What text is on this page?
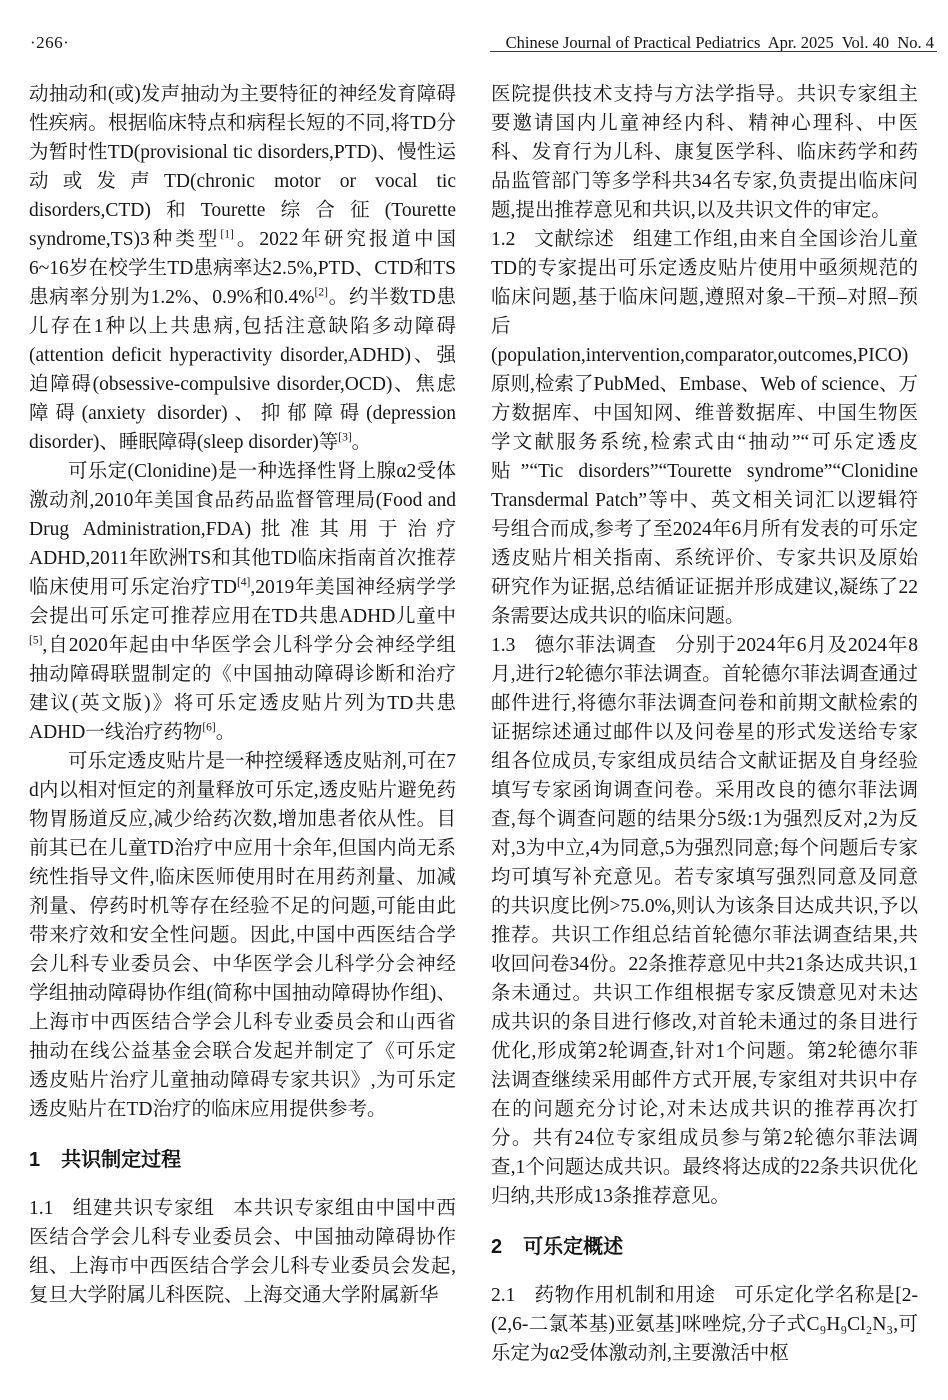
·266·	Chinese Journal of Practical Pediatrics  Apr. 2025  Vol. 40  No. 4

动抽动和(或)发声抽动为主要特征的神经发育障碍性疾病。根据临床特点和病程长短的不同,将TD分为暂时性TD(provisional tic disorders,PTD)、慢性运动或发声TD(chronic motor or vocal tic disorders,CTD)和Tourette综合征(Tourette syndrome,TS)3种类型[1]。2022年研究报道中国6~16岁在校学生TD患病率达2.5%,PTD、CTD和TS患病率分别为1.2%、0.9%和0.4%[2]。约半数TD患儿存在1种以上共患病,包括注意缺陷多动障碍(attention deficit hyperactivity disorder,ADHD)、强迫障碍(obsessive-compulsive disorder,OCD)、焦虑障碍(anxiety disorder)、抑郁障碍(depression disorder)、睡眠障碍(sleep disorder)等[3]。

可乐定(Clonidine)是一种选择性肾上腺α2受体激动剂,2010年美国食品药品监督管理局(Food and Drug Administration,FDA)批准其用于治疗ADHD,2011年欧洲TS和其他TD临床指南首次推荐临床使用可乐定治疗TD[4],2019年美国神经病学学会提出可乐定可推荐应用在TD共患ADHD儿童中[5],自2020年起由中华医学会儿科学分会神经学组抽动障碍联盟制定的《中国抽动障碍诊断和治疗建议(英文版)》将可乐定透皮贴片列为TD共患ADHD一线治疗药物[6]。

可乐定透皮贴片是一种控缓释透皮贴剂,可在7 d内以相对恒定的剂量释放可乐定,透皮贴片避免药物胃肠道反应,减少给药次数,增加患者依从性。目前其已在儿童TD治疗中应用十余年,但国内尚无系统性指导文件,临床医师使用时在用药剂量、加减剂量、停药时机等存在经验不足的问题,可能由此带来疗效和安全性问题。因此,中国中西医结合学会儿科专业委员会、中华医学会儿科学分会神经学组抽动障碍协作组(简称中国抽动障碍协作组)、上海市中西医结合学会儿科专业委员会和山西省抽动在线公益基金会联合发起并制定了《可乐定透皮贴片治疗儿童抽动障碍专家共识》,为可乐定透皮贴片在TD治疗的临床应用提供参考。

1 共识制定过程

1.1 组建共识专家组 本共识专家组由中国中西医结合学会儿科专业委员会、中国抽动障碍协作组、上海市中西医结合学会儿科专业委员会发起,复旦大学附属儿科医院、上海交通大学附属新华

医院提供技术支持与方法学指导。共识专家组主要邀请国内儿童神经内科、精神心理科、中医科、发育行为儿科、康复医学科、临床药学和药品监管部门等多学科共34名专家,负责提出临床问题,提出推荐意见和共识,以及共识文件的审定。

1.2 文献综述 组建工作组,由来自全国诊治儿童TD的专家提出可乐定透皮贴片使用中亟须规范的临床问题,基于临床问题,遵照对象–干预–对照–预后(population,intervention,comparator,outcomes,PICO)原则,检索了PubMed、Embase、Web of science、万方数据库、中国知网、维普数据库、中国生物医学文献服务系统,检索式由“抽动”“可乐定透皮贴”“Tic disorders”“Tourette syndrome”“Clonidine Transdermal Patch”等中、英文相关词汇以逻辑符号组合而成,参考了至2024年6月所有发表的可乐定透皮贴片相关指南、系统评价、专家共识及原始研究作为证据,总结循证证据并形成建议,凝练了22条需要达成共识的临床问题。

1.3 德尔菲法调查 分别于2024年6月及2024年8月,进行2轮德尔菲法调查。首轮德尔菲法调查通过邮件进行,将德尔菲法调查问卷和前期文献检索的证据综述通过邮件以及问卷星的形式发送给专家组各位成员,专家组成员结合文献证据及自身经验填写专家函询调查问卷。采用改良的德尔菲法调查,每个调查问题的结果分5级:1为强烈反对,2为反对,3为中立,4为同意,5为强烈同意;每个问题后专家均可填写补充意见。若专家填写强烈同意及同意的共识度比例>75.0%,则认为该条目达成共识,予以推荐。共识工作组总结首轮德尔菲法调查结果,共收回问卷34份。22条推荐意见中共21条达成共识,1条未通过。共识工作组根据专家反馈意见对未达成共识的条目进行修改,对首轮未通过的条目进行优化,形成第2轮调查,针对1个问题。第2轮德尔菲法调查继续采用邮件方式开展,专家组对共识中存在的问题充分讨论,对未达成共识的推荐再次打分。共有24位专家组成员参与第2轮德尔菲法调查,1个问题达成共识。最终将达成的22条共识优化归纳,共形成13条推荐意见。

2 可乐定概述

2.1 药物作用机制和用途 可乐定化学名称是[2-(2,6-二氯苯基)亚氨基]咪唑烷,分子式C₉H₉Cl₂N₃,可乐定为α2受体激动剂,主要激活中枢
